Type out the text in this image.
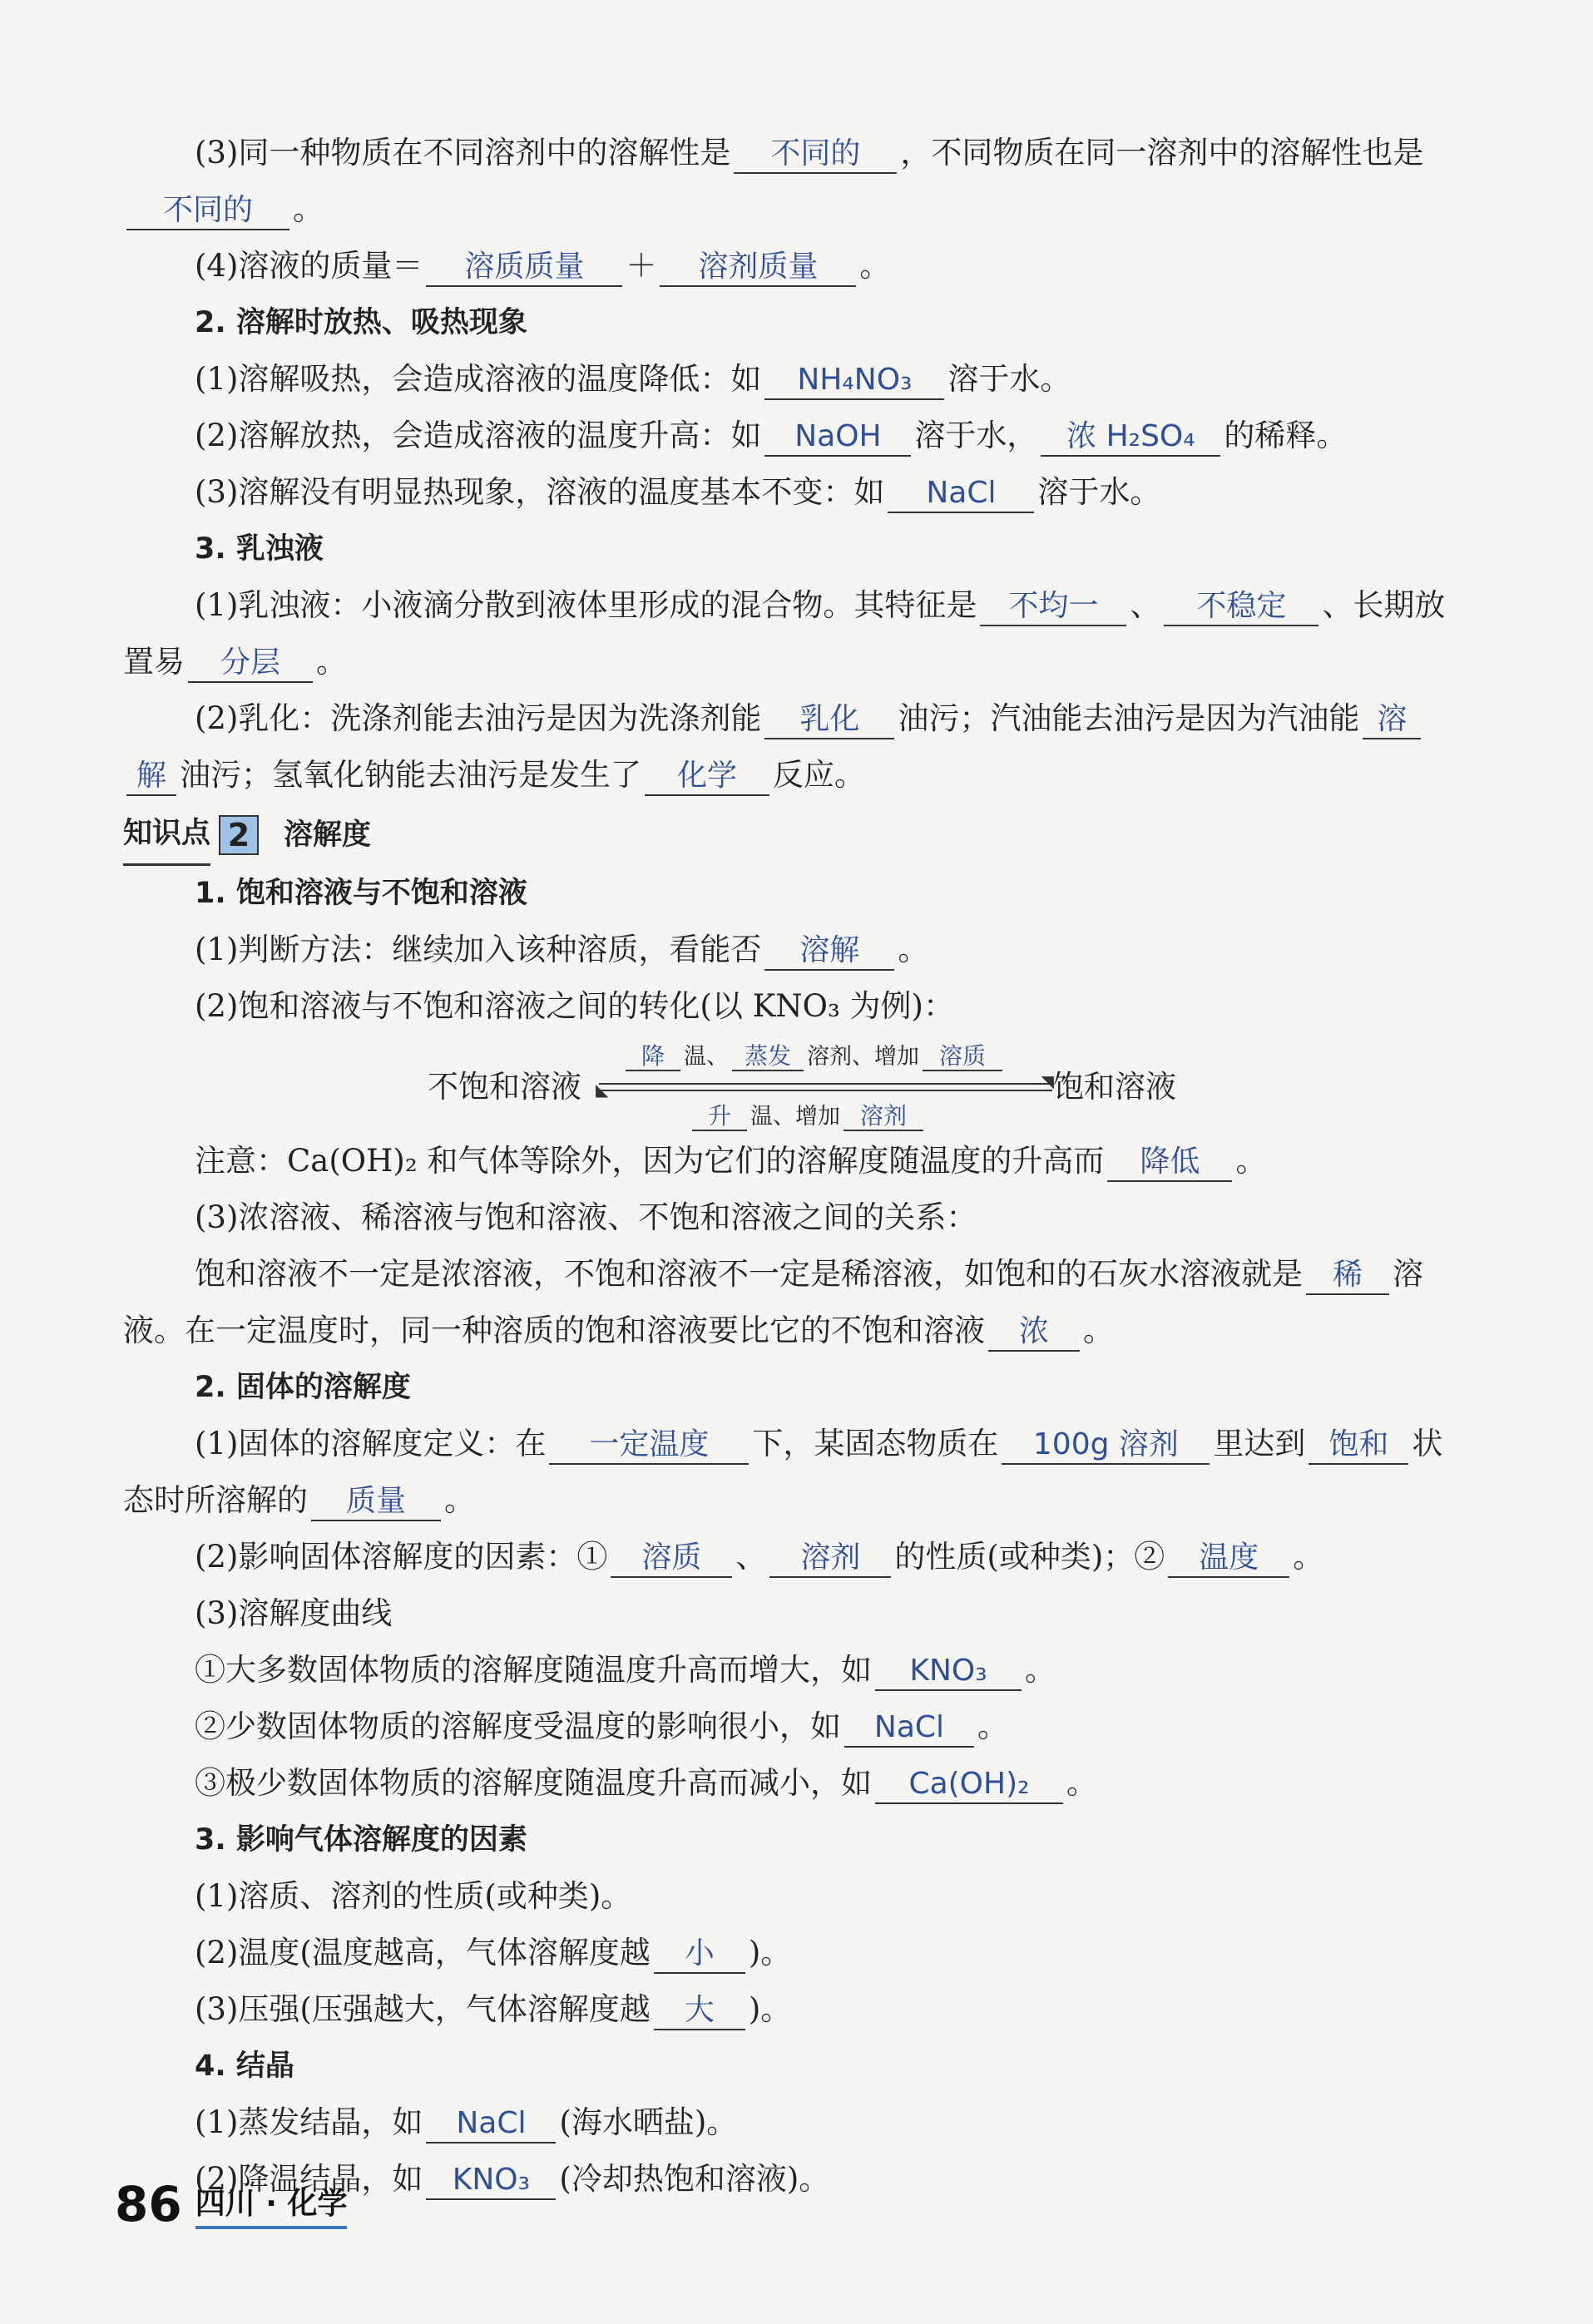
(3)同一种物质在不同溶剂中的溶解性是 不同的 ，不同物质在同一溶剂中的溶解性也是
不同的 。
(4)溶液的质量＝ 溶质质量 ＋ 溶剂质量 。
2. 溶解时放热、吸热现象
(1)溶解吸热，会造成溶液的温度降低：如 NH₄NO₃ 溶于水。
(2)溶解放热，会造成溶液的温度升高：如 NaOH 溶于水， 浓 H₂SO₄ 的稀释。
(3)溶解没有明显热现象，溶液的温度基本不变：如 NaCl 溶于水。
3. 乳浊液
(1)乳浊液：小液滴分散到液体里形成的混合物。其特征是 不均一 、 不稳定 、长期放
置易 分层 。
(2)乳化：洗涤剂能去油污是因为洗涤剂能 乳化 油污；汽油能去油污是因为汽油能 溶
解 油污；氢氧化钠能去油污是发生了 化学 反应。
知识点 2	溶解度
1. 饱和溶液与不饱和溶液
(1)判断方法：继续加入该种溶质，看能否 溶解 。
(2)饱和溶液与不饱和溶液之间的转化(以 KNO₃ 为例)：
不饱和溶液
降 温、 蒸发 溶剂、增加 溶质
◥
◣
升 温、增加 溶剂
饱和溶液
注意：Ca(OH)₂ 和气体等除外，因为它们的溶解度随温度的升高而 降低 。
(3)浓溶液、稀溶液与饱和溶液、不饱和溶液之间的关系：
饱和溶液不一定是浓溶液，不饱和溶液不一定是稀溶液，如饱和的石灰水溶液就是 稀 溶
液。在一定温度时，同一种溶质的饱和溶液要比它的不饱和溶液 浓 。
2. 固体的溶解度
(1)固体的溶解度定义：在 一定温度 下，某固态物质在 100g 溶剂 里达到 饱和 状
态时所溶解的 质量 。
(2)影响固体溶解度的因素：① 溶质 、 溶剂 的性质(或种类)；② 温度 。
(3)溶解度曲线
①大多数固体物质的溶解度随温度升高而增大，如 KNO₃ 。
②少数固体物质的溶解度受温度的影响很小，如 NaCl 。
③极少数固体物质的溶解度随温度升高而减小，如 Ca(OH)₂ 。
3. 影响气体溶解度的因素
(1)溶质、溶剂的性质(或种类)。
(2)温度(温度越高，气体溶解度越 小 )。
(3)压强(压强越大，气体溶解度越 大 )。
4. 结晶
(1)蒸发结晶，如 NaCl (海水晒盐)。
(2)降温结晶，如 KNO₃ (冷却热饱和溶液)。
86 四川 · 化学
